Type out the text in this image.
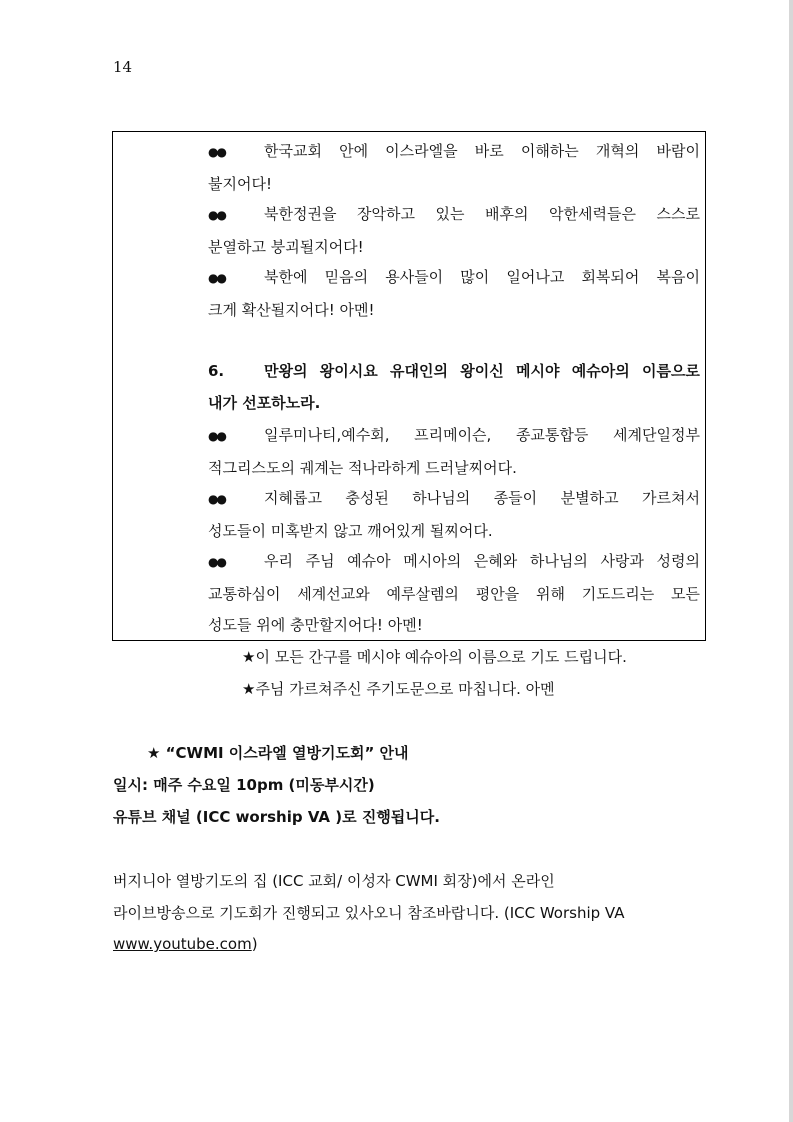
14
●●	한국교회 안에 이스라엘을 바로 이해하는 개혁의 바람이
불지어다!
●●	북한정권을 장악하고 있는 배후의 악한세력들은 스스로
분열하고 붕괴될지어다!
●●	북한에 믿음의 용사들이 많이 일어나고 회복되어 복음이
크게 확산될지어다! 아멘!
6.	만왕의 왕이시요 유대인의 왕이신 메시야 예슈아의 이름으로
내가 선포하노라.
●●	일루미나티,예수회, 프리메이슨, 종교통합등 세계단일정부
적그리스도의 궤계는 적나라하게 드러날찌어다.
●●	지혜롭고 충성된 하나님의 종들이 분별하고 가르쳐서
성도들이 미혹받지 않고 깨어있게 될찌어다.
●●	우리 주님 예슈아 메시아의 은혜와 하나님의 사랑과 성령의
교통하심이 세계선교와 예루살렘의 평안을 위해 기도드리는 모든
성도들 위에 충만할지어다! 아멘!
★이 모든 간구를 메시야 예슈아의 이름으로 기도 드립니다.
★주님 가르쳐주신 주기도문으로 마칩니다. 아멘
★ “CWMI 이스라엘 열방기도회” 안내
일시: 매주 수요일 10pm (미동부시간)
유튜브 채널 (ICC worship VA )로 진행됩니다.
버지니아 열방기도의 집 (ICC 교회/ 이성자 CWMI 회장)에서 온라인
라이브방송으로 기도회가 진행되고 있사오니 참조바랍니다. (ICC Worship VA
www.youtube.com)
